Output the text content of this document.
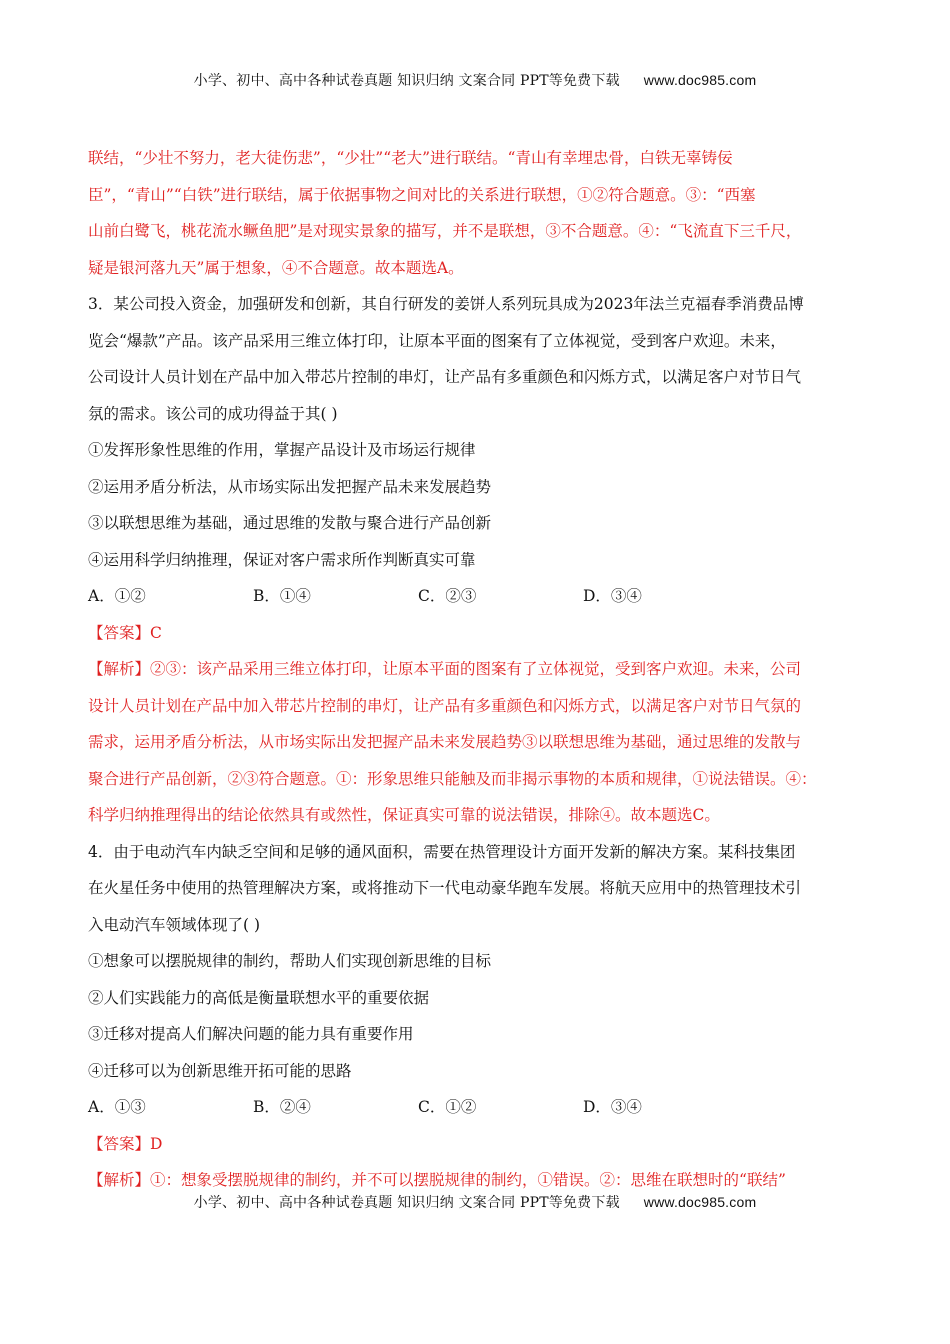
小学、初中、高中各种试卷真题 知识归纳 文案合同 PPT等免费下载 www.doc985.com

联结，“少壮不努力，老大徒伤悲”，“少壮”“老大”进行联结。“青山有幸埋忠骨，白铁无辜铸佞

臣”，“青山”“白铁”进行联结，属于依据事物之间对比的关系进行联想，①②符合题意。③：“西塞

山前白鹭飞，桃花流水鳜鱼肥”是对现实景象的描写，并不是联想，③不合题意。④：“飞流直下三千尺，

疑是银河落九天”属于想象，④不合题意。故本题选A。

3．某公司投入资金，加强研发和创新，其自行研发的姜饼人系列玩具成为2023年法兰克福春季消费品博

览会“爆款”产品。该产品采用三维立体打印，让原本平面的图案有了立体视觉，受到客户欢迎。未来，

公司设计人员计划在产品中加入带芯片控制的串灯，让产品有多重颜色和闪烁方式，以满足客户对节日气

氛的需求。该公司的成功得益于其( )

①发挥形象性思维的作用，掌握产品设计及市场运行规律

②运用矛盾分析法，从市场实际出发把握产品未来发展趋势

③以联想思维为基础，通过思维的发散与聚合进行产品创新

④运用科学归纳推理，保证对客户需求所作判断真实可靠

A．①②	B．①④	C．②③	D．③④

【答案】C

【解析】②③：该产品采用三维立体打印，让原本平面的图案有了立体视觉，受到客户欢迎。未来，公司

设计人员计划在产品中加入带芯片控制的串灯，让产品有多重颜色和闪烁方式，以满足客户对节日气氛的

需求，运用矛盾分析法，从市场实际出发把握产品未来发展趋势③以联想思维为基础，通过思维的发散与

聚合进行产品创新，②③符合题意。①：形象思维只能触及而非揭示事物的本质和规律，①说法错误。④：

科学归纳推理得出的结论依然具有或然性，保证真实可靠的说法错误，排除④。故本题选C。

4．由于电动汽车内缺乏空间和足够的通风面积，需要在热管理设计方面开发新的解决方案。某科技集团

在火星任务中使用的热管理解决方案，或将推动下一代电动豪华跑车发展。将航天应用中的热管理技术引

入电动汽车领域体现了( )

①想象可以摆脱规律的制约，帮助人们实现创新思维的目标

②人们实践能力的高低是衡量联想水平的重要依据

③迁移对提高人们解决问题的能力具有重要作用

④迁移可以为创新思维开拓可能的思路

A．①③	B．②④	C．①②	D．③④

【答案】D

【解析】①：想象受摆脱规律的制约，并不可以摆脱规律的制约，①错误。②：思维在联想时的“联结”

小学、初中、高中各种试卷真题 知识归纳 文案合同 PPT等免费下载 www.doc985.com
